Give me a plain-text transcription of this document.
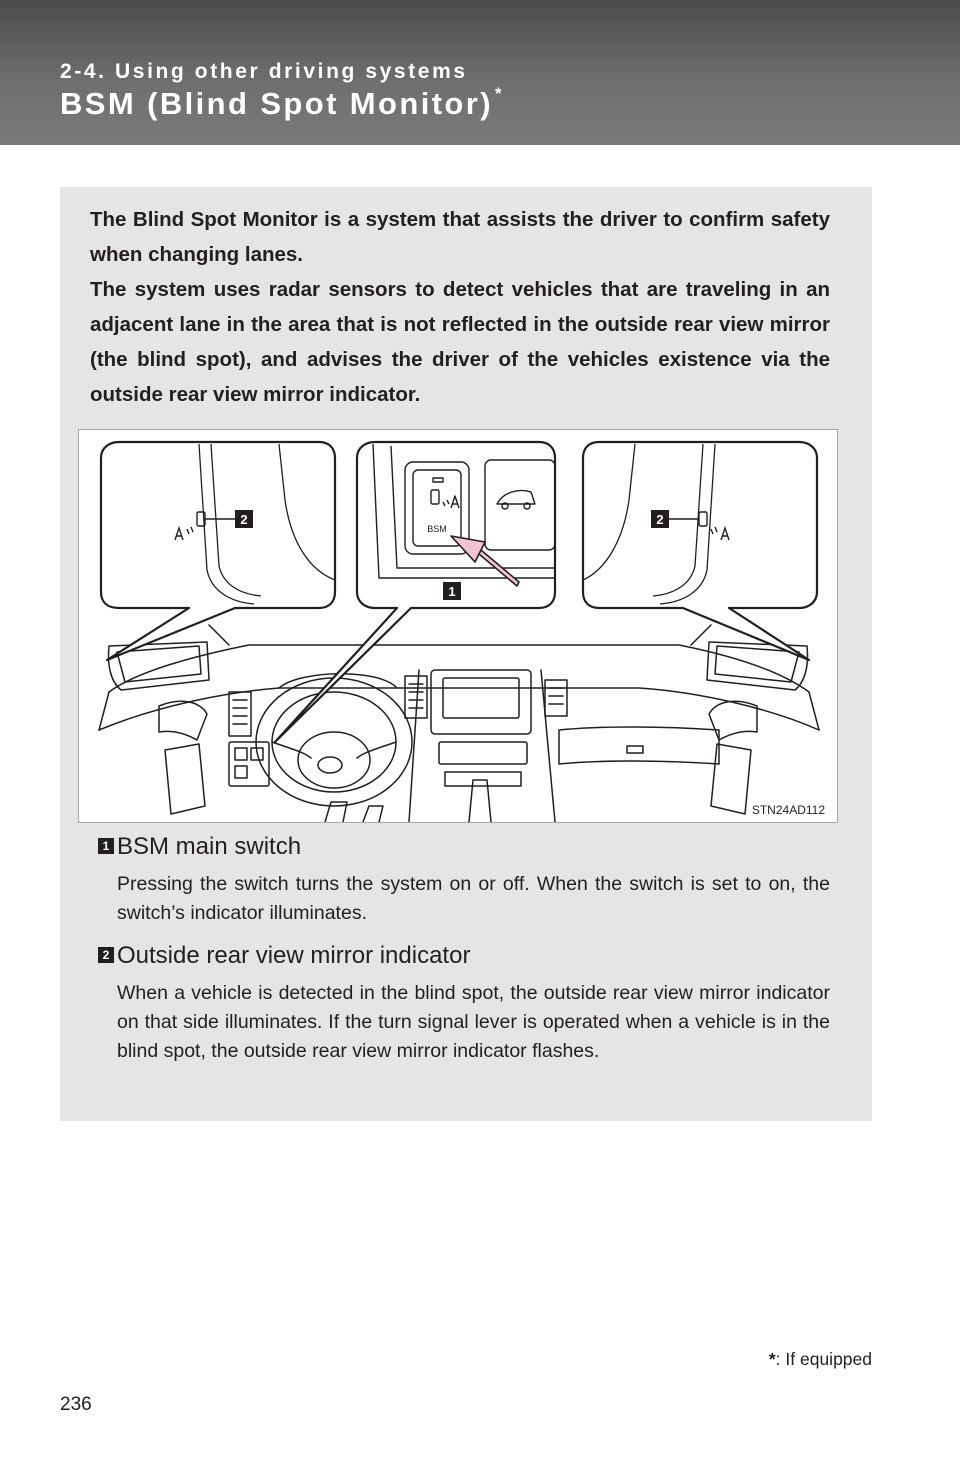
2-4. Using other driving systems
BSM (Blind Spot Monitor) *

The Blind Spot Monitor is a system that assists the driver to confirm safety when changing lanes.

The system uses radar sensors to detect vehicles that are traveling in an adjacent lane in the area that is not reflected in the outside rear view mirror (the blind spot), and advises the driver of the vehicles existence via the outside rear view mirror indicator.

2	2
BSM
1
STN24AD112
1 BSM main switch
Pressing the switch turns the system on or off. When the switch is set to on, the switch’s indicator illuminates.
2 Outside rear view mirror indicator
When a vehicle is detected in the blind spot, the outside rear view mirror indicator on that side illuminates. If the turn signal lever is operated when a vehicle is in the blind spot, the outside rear view mirror indicator flashes.
*: If equipped
236
